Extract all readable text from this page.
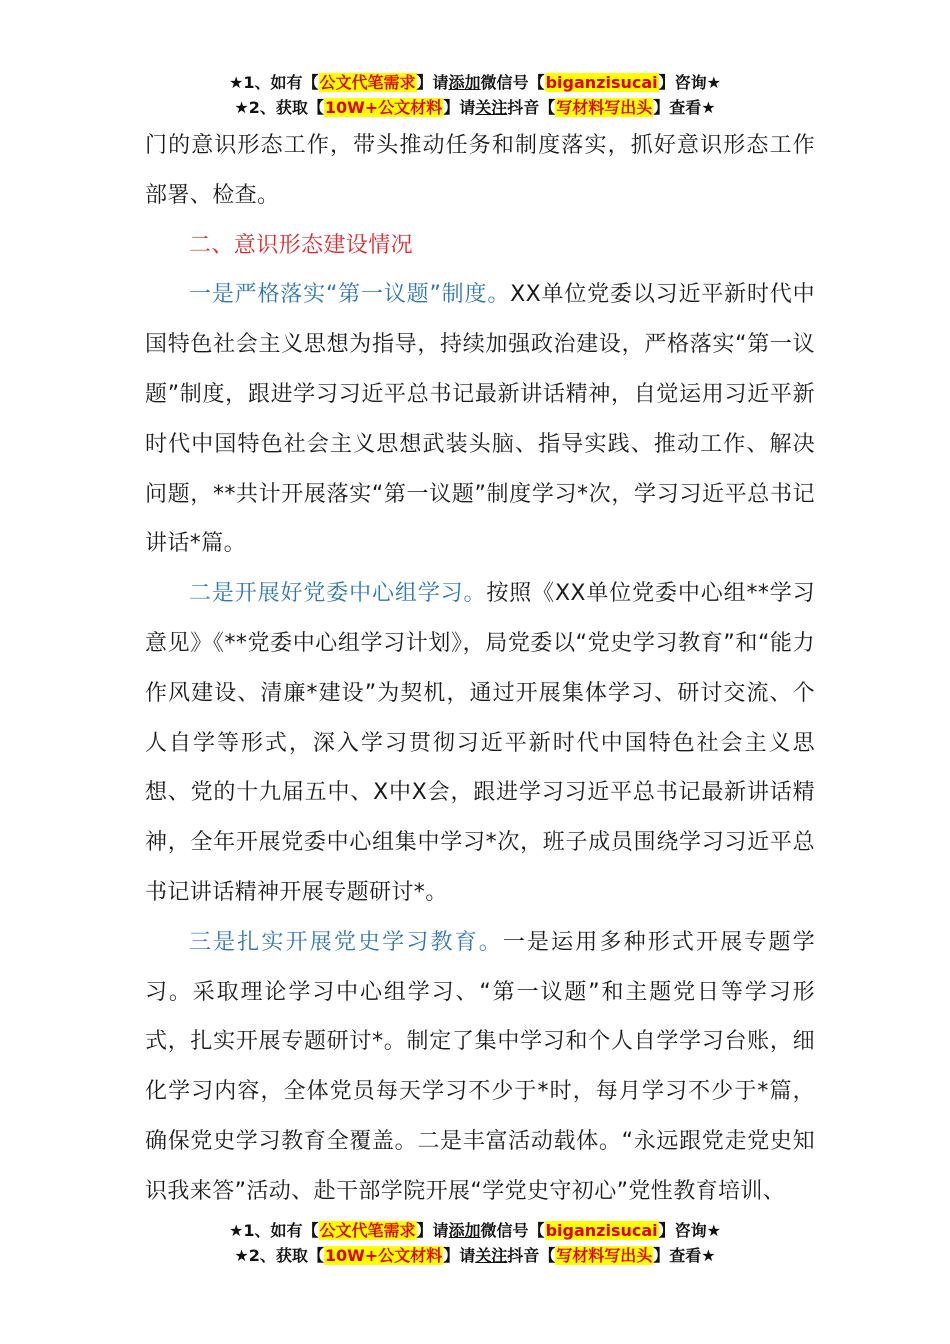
★1、如有【公文代笔需求】请添加微信号【biganzisucai】咨询★
★2、获取【10W+公文材料】请关注抖音【写材料写出头】查看★

门的意识形态工作，带头推动任务和制度落实，抓好意识形态工作部署、检查。

二、意识形态建设情况

一是严格落实“第一议题”制度。XX单位党委以习近平新时代中国特色社会主义思想为指导，持续加强政治建设，严格落实“第一议题”制度，跟进学习习近平总书记最新讲话精神，自觉运用习近平新时代中国特色社会主义思想武装头脑、指导实践、推动工作、解决问题，**共计开展落实“第一议题”制度学习*次，学习习近平总书记讲话*篇。

二是开展好党委中心组学习。按照《XX单位党委中心组**学习意见》《**党委中心组学习计划》，局党委以“党史学习教育”和“能力作风建设、清廉*建设”为契机，通过开展集体学习、研讨交流、个人自学等形式，深入学习贯彻习近平新时代中国特色社会主义思想、党的十九届五中、X中X会，跟进学习习近平总书记最新讲话精神，全年开展党委中心组集中学习*次，班子成员围绕学习习近平总书记讲话精神开展专题研讨*。

三是扎实开展党史学习教育。一是运用多种形式开展专题学习。采取理论学习中心组学习、“第一议题”和主题党日等学习形式，扎实开展专题研讨*。制定了集中学习和个人自学学习台账，细化学习内容，全体党员每天学习不少于*时，每月学习不少于*篇，确保党史学习教育全覆盖。二是丰富活动载体。“永远跟党走党史知识我来答”活动、赴干部学院开展“学党史守初心”党性教育培训、

★1、如有【公文代笔需求】请添加微信号【biganzisucai】咨询★
★2、获取【10W+公文材料】请关注抖音【写材料写出头】查看★
